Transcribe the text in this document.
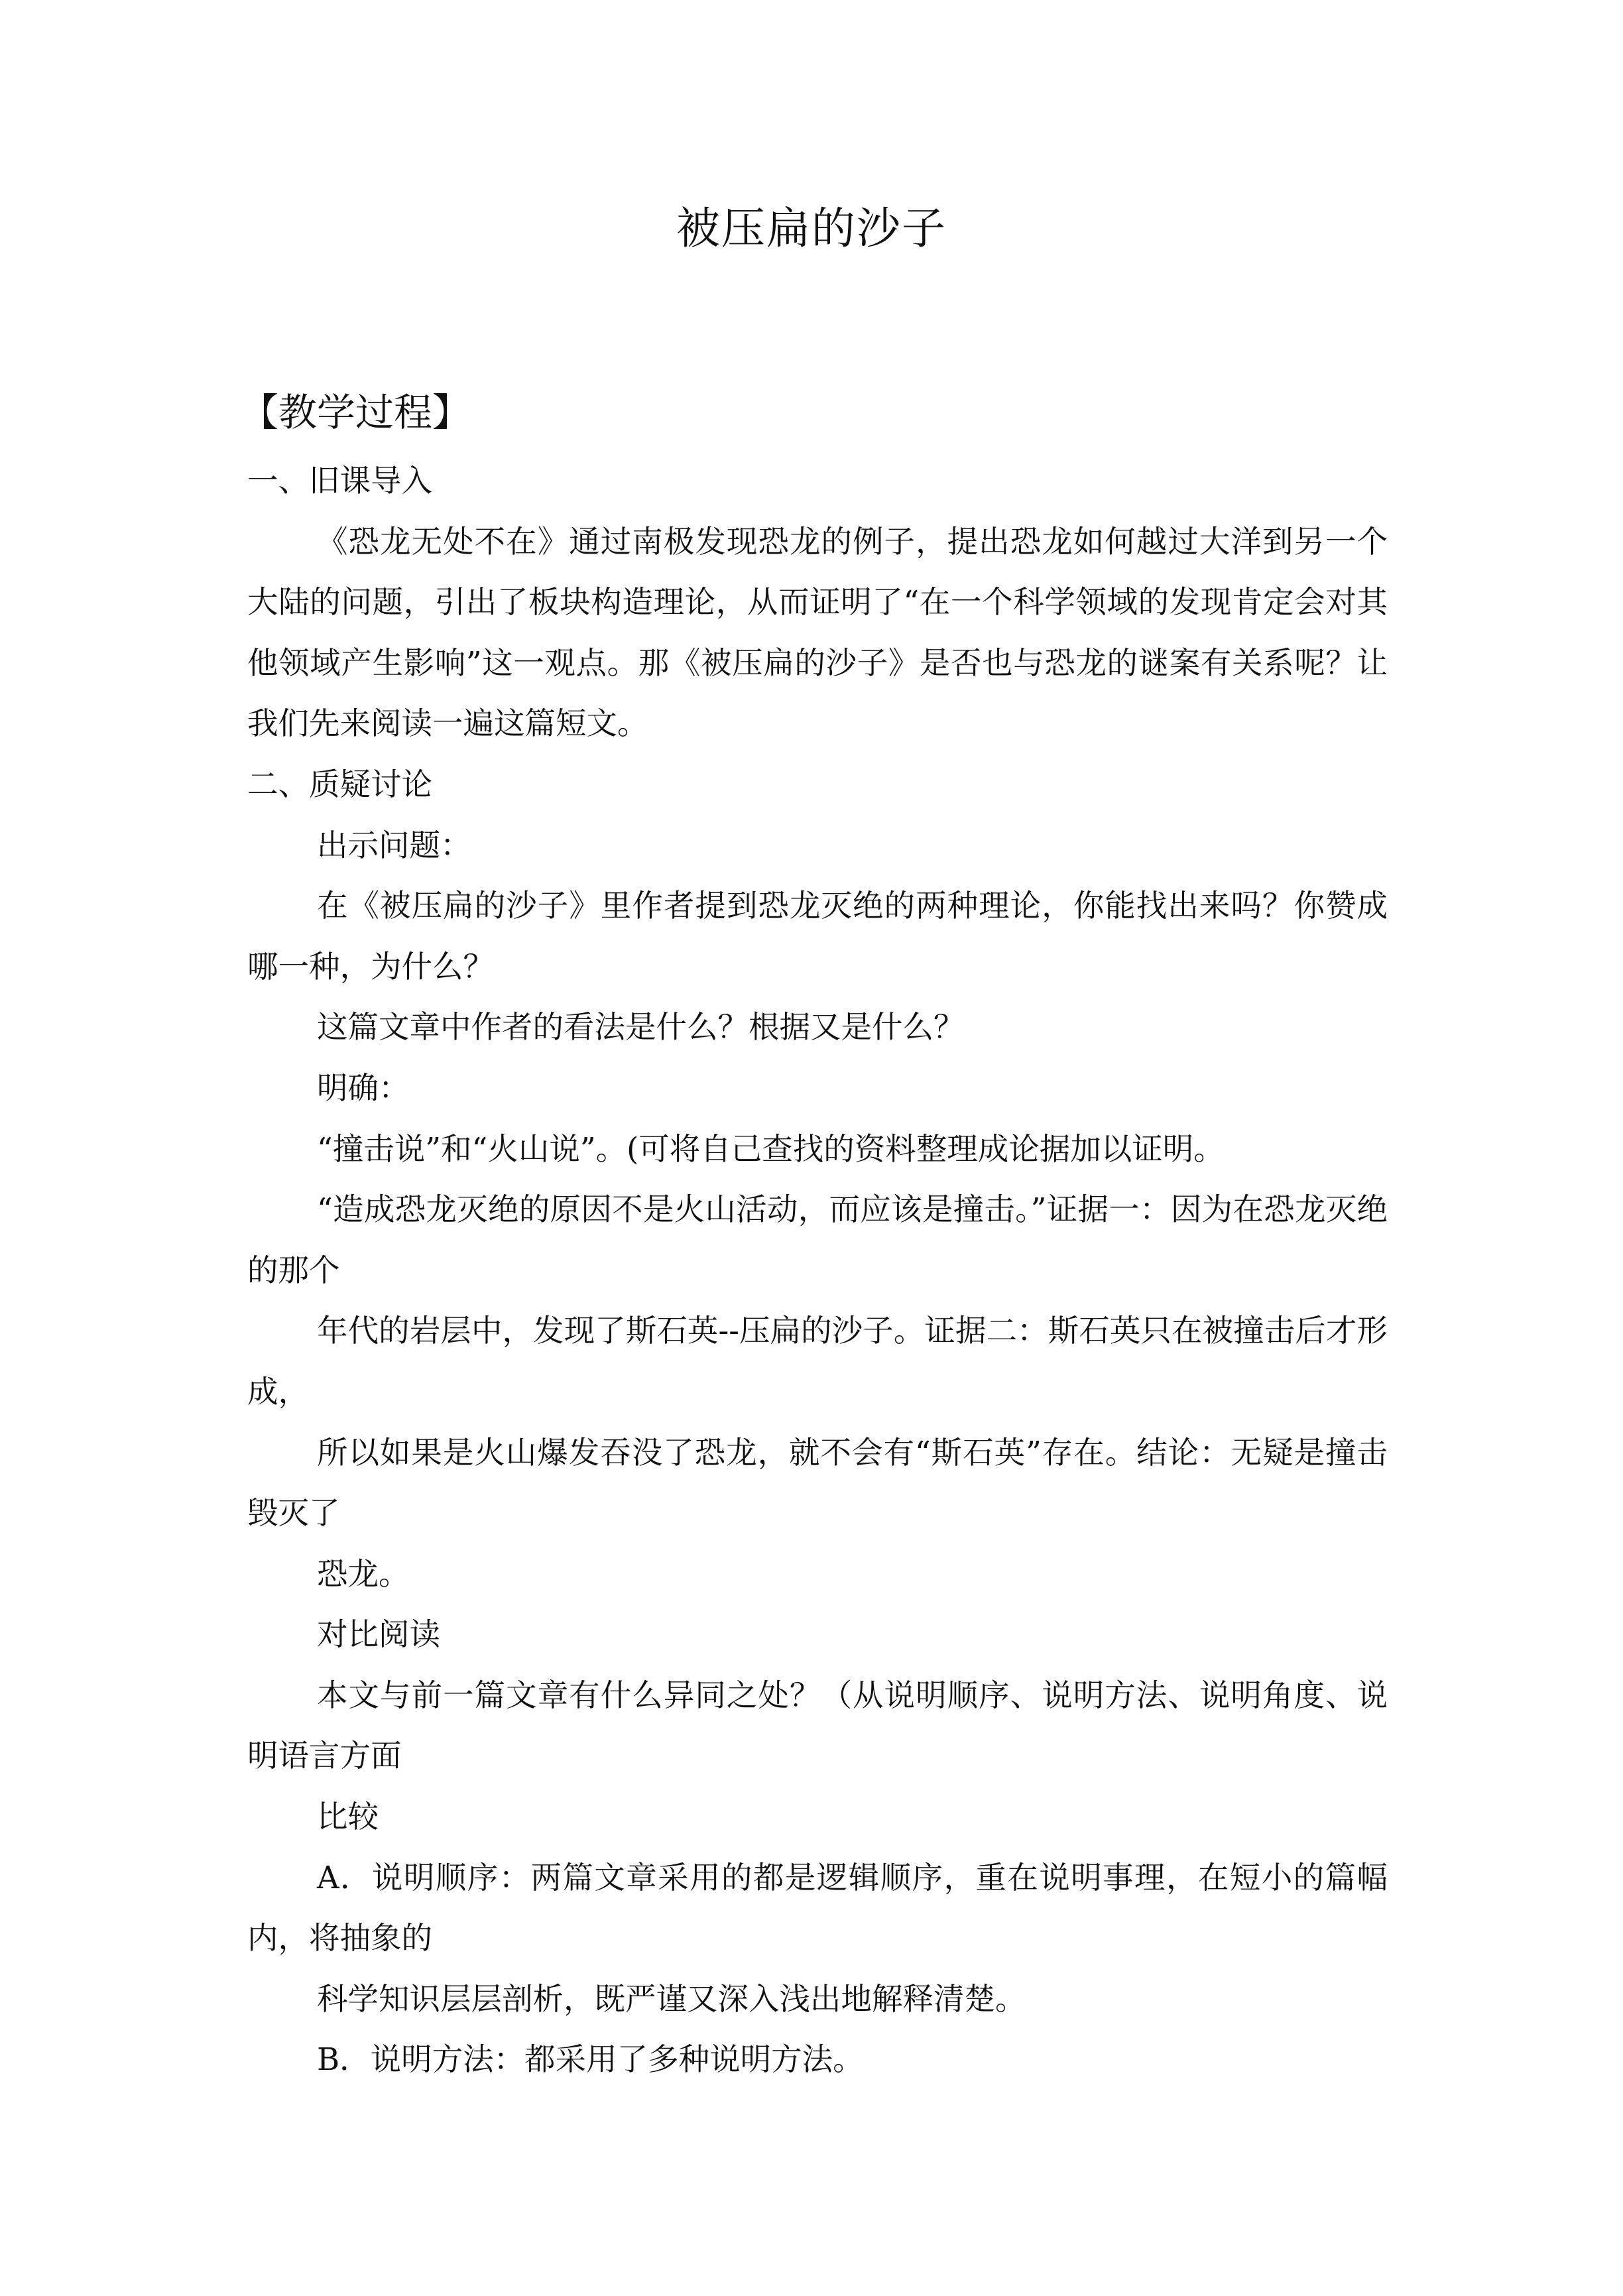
被压扁的沙子
【教学过程】

一、旧课导入

《恐龙无处不在》通过南极发现恐龙的例子，提出恐龙如何越过大洋到另一个大陆的问题，引出了板块构造理论，从而证明了“在一个科学领域的发现肯定会对其他领域产生影响”这一观点。那《被压扁的沙子》是否也与恐龙的谜案有关系呢？让我们先来阅读一遍这篇短文。

二、质疑讨论

出示问题：

在《被压扁的沙子》里作者提到恐龙灭绝的两种理论，你能找出来吗？你赞成哪一种，为什么？

这篇文章中作者的看法是什么？根据又是什么？

明确：

“撞击说”和“火山说”。(可将自己查找的资料整理成论据加以证明。

“造成恐龙灭绝的原因不是火山活动，而应该是撞击。”证据一：因为在恐龙灭绝的那个

年代的岩层中，发现了斯石英--压扁的沙子。证据二：斯石英只在被撞击后才形成，

所以如果是火山爆发吞没了恐龙，就不会有“斯石英”存在。结论：无疑是撞击毁灭了

恐龙。

对比阅读

本文与前一篇文章有什么异同之处？（从说明顺序、说明方法、说明角度、说明语言方面

比较

A．说明顺序：两篇文章采用的都是逻辑顺序，重在说明事理，在短小的篇幅内，将抽象的

科学知识层层剖析，既严谨又深入浅出地解释清楚。

B．说明方法：都采用了多种说明方法。
